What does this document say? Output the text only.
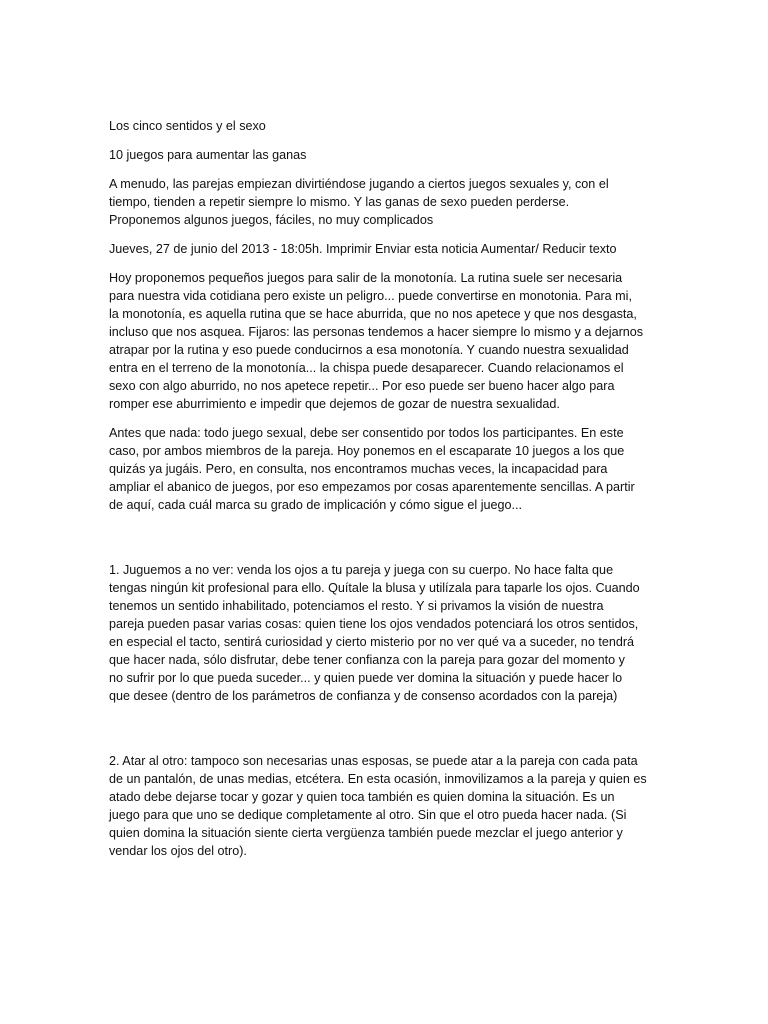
Los cinco sentidos y el sexo

10 juegos para aumentar las ganas

A menudo, las parejas empiezan divirtiéndose jugando a ciertos juegos sexuales y, con el
tiempo, tienden a repetir siempre lo mismo. Y las ganas de sexo pueden perderse.
Proponemos algunos juegos, fáciles, no muy complicados

Jueves, 27 de junio del 2013 - 18:05h. Imprimir Enviar esta noticia Aumentar/ Reducir texto

Hoy proponemos pequeños juegos para salir de la monotonía. La rutina suele ser necesaria
para nuestra vida cotidiana pero existe un peligro... puede convertirse en monotonia. Para mi,
la monotonía, es aquella rutina que se hace aburrida, que no nos apetece y que nos desgasta,
incluso que nos asquea. Fijaros: las personas tendemos a hacer siempre lo mismo y a dejarnos
atrapar por la rutina y eso puede conducirnos a esa monotonía. Y cuando nuestra sexualidad
entra en el terreno de la monotonía... la chispa puede desaparecer. Cuando relacionamos el
sexo con algo aburrido, no nos apetece repetir... Por eso puede ser bueno hacer algo para
romper ese aburrimiento e impedir que dejemos de gozar de nuestra sexualidad.

Antes que nada: todo juego sexual, debe ser consentido por todos los participantes. En este
caso, por ambos miembros de la pareja. Hoy ponemos en el escaparate 10 juegos a los que
quizás ya jugáis. Pero, en consulta, nos encontramos muchas veces, la incapacidad para
ampliar el abanico de juegos, por eso empezamos por cosas aparentemente sencillas. A partir
de aquí, cada cuál marca su grado de implicación y cómo sigue el juego...

1. Juguemos a no ver: venda los ojos a tu pareja y juega con su cuerpo. No hace falta que
tengas ningún kit profesional para ello. Quítale la blusa y utilízala para taparle los ojos. Cuando
tenemos un sentido inhabilitado, potenciamos el resto. Y si privamos la visión de nuestra
pareja pueden pasar varias cosas: quien tiene los ojos vendados potenciará los otros sentidos,
en especial el tacto, sentirá curiosidad y cierto misterio por no ver qué va a suceder, no tendrá
que hacer nada, sólo disfrutar, debe tener confianza con la pareja para gozar del momento y
no sufrir por lo que pueda suceder... y quien puede ver domina la situación y puede hacer lo
que desee (dentro de los parámetros de confianza y de consenso acordados con la pareja)

2. Atar al otro: tampoco son necesarias unas esposas, se puede atar a la pareja con cada pata
de un pantalón, de unas medias, etcétera. En esta ocasión, inmovilizamos a la pareja y quien es
atado debe dejarse tocar y gozar y quien toca también es quien domina la situación. Es un
juego para que uno se dedique completamente al otro. Sin que el otro pueda hacer nada. (Si
quien domina la situación siente cierta vergüenza también puede mezclar el juego anterior y
vendar los ojos del otro).
